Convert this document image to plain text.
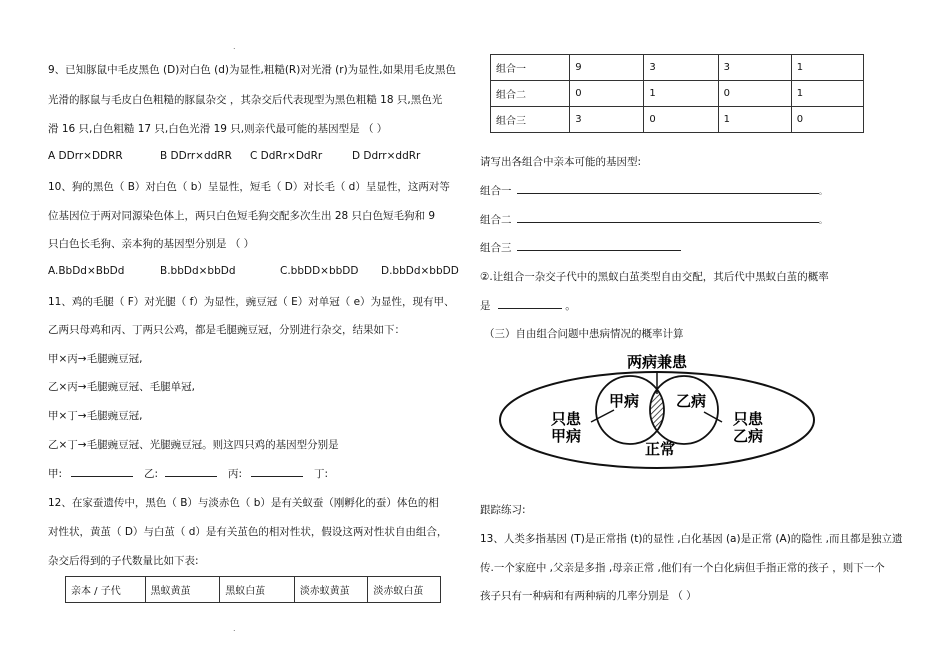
.
.
9、已知豚鼠中毛皮黑色 (D)对白色 (d)为显性,粗糙(R)对光滑 (r)为显性,如果用毛皮黑色
光滑的豚鼠与毛皮白色粗糙的豚鼠杂交 ，其杂交后代表现型为黑色粗糙 18 只,黑色光
滑 16 只,白色粗糙 17 只,白色光滑 19 只,则亲代最可能的基因型是 （ ）
A DDrr×DDRR	B DDrr×ddRR C DdRr×DdRr	D Ddrr×ddRr
10、狗的黑色（ B）对白色（ b）呈显性，短毛（ D）对长毛（ d）呈显性，这两对等
位基因位于两对同源染色体上，两只白色短毛狗交配多次生出 28 只白色短毛狗和 9
只白色长毛狗、亲本狗的基因型分别是 （ ）
A.BbDd×BbDd	B.bbDd×bbDd	C.bbDD×bbDD D.bbDd×bbDD
11、鸡的毛腿（ F）对光腿（ f）为显性，豌豆冠（ E）对单冠（ e）为显性，现有甲、
乙两只母鸡和丙、丁两只公鸡，都是毛腿豌豆冠，分别进行杂交，结果如下：
甲×丙→毛腿豌豆冠,
乙×丙→毛腿豌豆冠、毛腿单冠,
甲×丁→毛腿豌豆冠,
乙×丁→毛腿豌豆冠、光腿豌豆冠。则这四只鸡的基因型分别是
甲:	乙:	丙:	丁:
12、在家蚕遗传中，黑色（ B）与淡赤色（ b）是有关蚁蚕（刚孵化的蚕）体色的相
对性状，黄茧（ D）与白茧（ d）是有关茧色的相对性状，假设这两对性状自由组合，
杂交后得到的子代数量比如下表:
亲本 / 子代	黑蚁黄茧	黑蚁白茧	淡赤蚁黄茧	淡赤蚁白茧
组合一	9	3	3	1
组合二	0	1	0	1
组合三	3	0	1	0
请写出各组合中亲本可能的基因型:
组合一	。
组合二	。
组合三
②.让组合一杂交子代中的黑蚁白茧类型自由交配，其后代中黑蚁白茧的概率
是	。
（三）自由组合问题中患病情况的概率计算
两病兼患
甲病 乙病
只患
甲病
只患
乙病
正常
跟踪练习:
13、人类多指基因 (T)是正常指 (t)的显性 ,白化基因 (a)是正常 (A)的隐性 ,而且都是独立遗
传.一个家庭中 ,父亲是多指 ,母亲正常 ,他们有一个白化病但手指正常的孩子 ，则下一个
孩子只有一种病和有两种病的几率分别是 （ ）
